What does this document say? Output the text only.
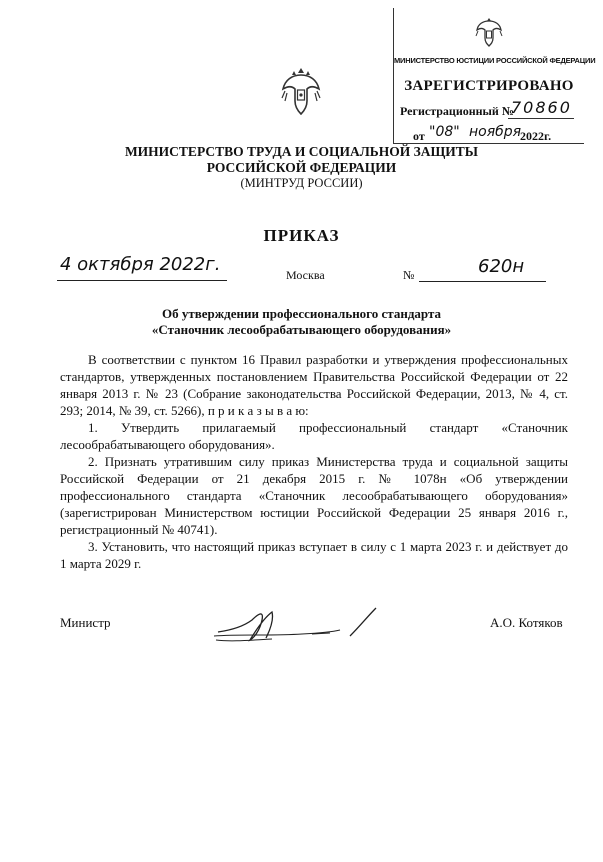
МИНИСТЕРСТВО ЮСТИЦИИ РОССИЙСКОЙ ФЕДЕРАЦИИ
ЗАРЕГИСТРИРОВАНО
Регистрационный №
70860
от "08" ноября
2022г.
МИНИСТЕРСТВО ТРУДА И СОЦИАЛЬНОЙ ЗАЩИТЫ
РОССИЙСКОЙ ФЕДЕРАЦИИ
(МИНТРУД РОССИИ)
ПРИКАЗ
4 октября 2022г.	Москва	№	620н
Об утверждении профессионального стандарта
«Станочник лесообрабатывающего оборудования»

В соответствии с пунктом 16 Правил разработки и утверждения профессиональных стандартов, утвержденных постановлением Правительства Российской Федерации от 22 января 2013 г. № 23 (Собрание законодательства Российской Федерации, 2013, № 4, ст. 293; 2014, № 39, ст. 5266), п р и к а з ы в а ю:

1. Утвердить прилагаемый профессиональный стандарт «Станочник лесообрабатывающего оборудования».

2. Признать утратившим силу приказ Министерства труда и социальной защиты Российской Федерации от 21 декабря 2015 г. № 1078н «Об утверждении профессионального стандарта «Станочник лесообрабатывающего оборудования» (зарегистрирован Министерством юстиции Российской Федерации 25 января 2016 г., регистрационный № 40741).

3. Установить, что настоящий приказ вступает в силу с 1 марта 2023 г. и действует до 1 марта 2029 г.

Министр	А.О. Котяков
